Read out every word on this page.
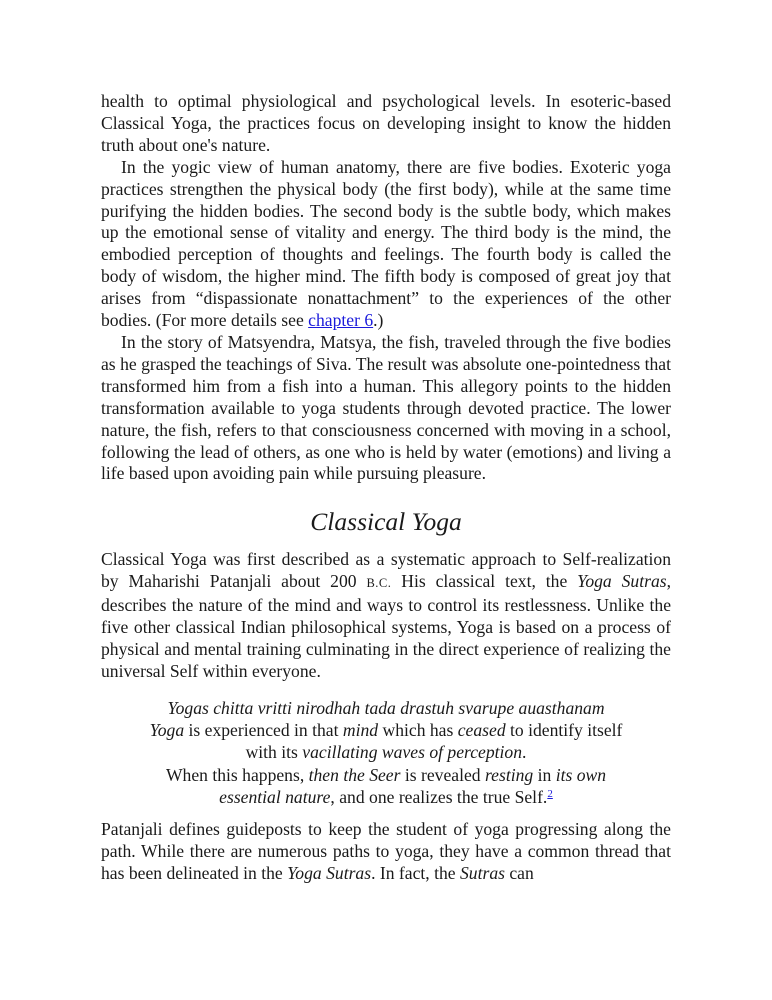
health to optimal physiological and psychological levels. In esoteric-based Classical Yoga, the practices focus on developing insight to know the hidden truth about one's nature.

In the yogic view of human anatomy, there are five bodies. Exoteric yoga practices strengthen the physical body (the first body), while at the same time purifying the hidden bodies. The second body is the subtle body, which makes up the emotional sense of vitality and energy. The third body is the mind, the embodied perception of thoughts and feelings. The fourth body is called the body of wisdom, the higher mind. The fifth body is composed of great joy that arises from “dispassionate nonattachment” to the experiences of the other bodies. (For more details see chapter 6.)

In the story of Matsyendra, Matsya, the fish, traveled through the five bodies as he grasped the teachings of Siva. The result was absolute one-pointedness that transformed him from a fish into a human. This allegory points to the hidden transformation available to yoga students through devoted practice. The lower nature, the fish, refers to that consciousness concerned with moving in a school, following the lead of others, as one who is held by water (emotions) and living a life based upon avoiding pain while pursuing pleasure.

Classical Yoga

Classical Yoga was first described as a systematic approach to Self-realization by Maharishi Patanjali about 200 B.C. His classical text, the Yoga Sutras, describes the nature of the mind and ways to control its restlessness. Unlike the five other classical Indian philosophical systems, Yoga is based on a process of physical and mental training culminating in the direct experience of realizing the universal Self within everyone.

Yogas chitta vritti nirodhah tada drastuh svarupe auasthanam
Yoga is experienced in that mind which has ceased to identify itself
with its vacillating waves of perception.
When this happens, then the Seer is revealed resting in its own
essential nature, and one realizes the true Self.$^2$

Patanjali defines guideposts to keep the student of yoga progressing along the path. While there are numerous paths to yoga, they have a common thread that has been delineated in the Yoga Sutras. In fact, the Sutras can
